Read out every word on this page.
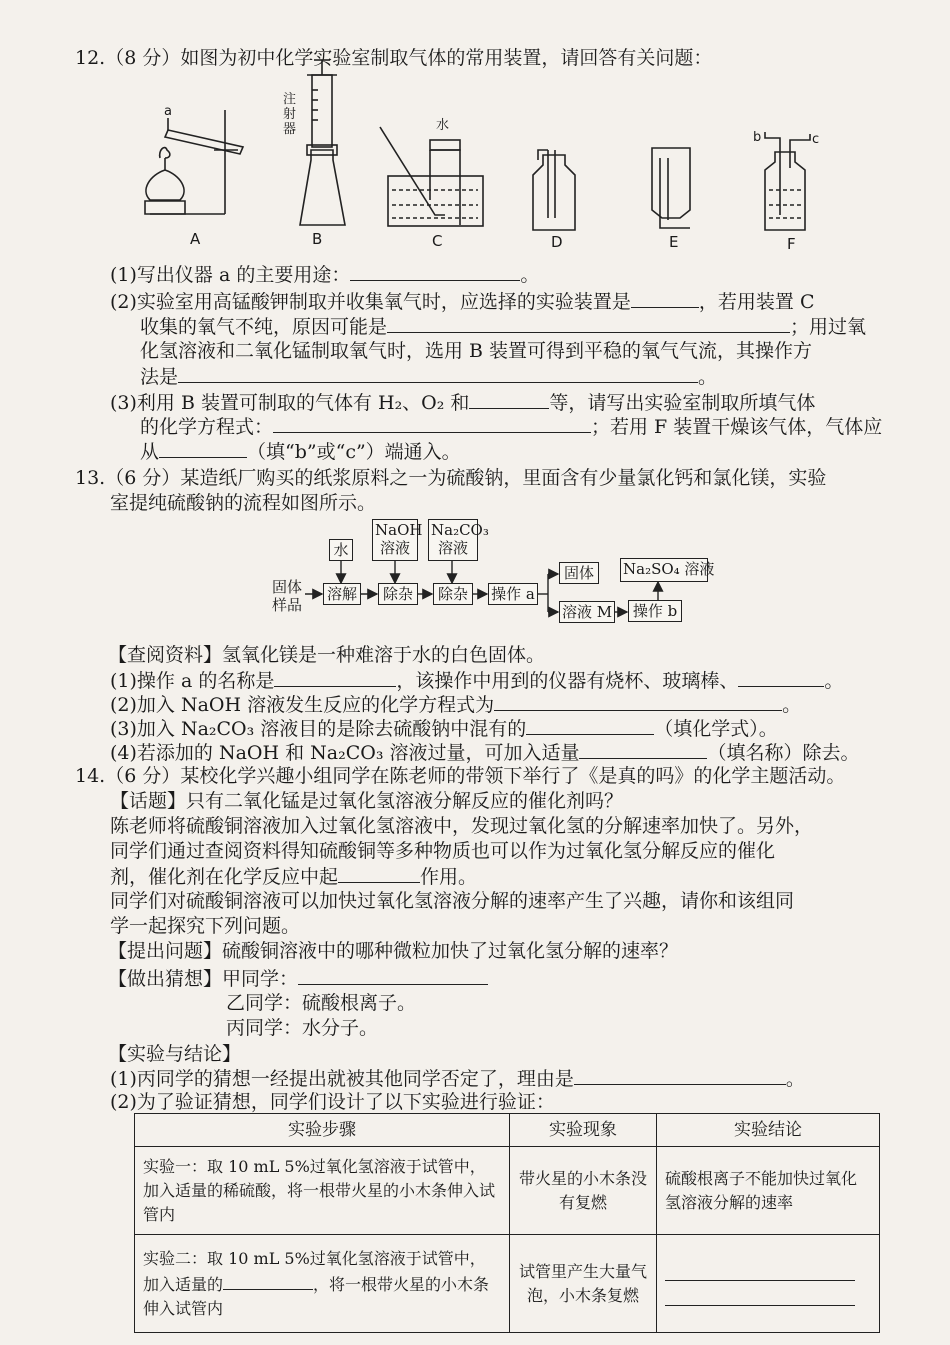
12.（8 分）如图为初中化学实验室制取气体的常用装置，请回答有关问题：
A	B	C	D	E	F
a
注射器	水
b	c
(1)写出仪器 a 的主要用途：	。
(2)实验室用高锰酸钾制取并收集氧气时，应选择的实验装置是	，若用装置 C
收集的氧气不纯，原因可能是	；用过氧
化氢溶液和二氧化锰制取氧气时，选用 B 装置可得到平稳的氧气气流，其操作方
法是	。
(3)利用 B 装置可制取的气体有 H₂、O₂ 和	等，请写出实验室制取所填气体
的化学方程式：	；若用 F 装置干燥该气体，气体应
从	（填“b”或“c”）端通入。
13.（6 分）某造纸厂购买的纸浆原料之一为硫酸钠，里面含有少量氯化钙和氯化镁，实验
室提纯硫酸钠的流程如图所示。
固体样品
水
NaOH溶液
Na₂CO₃溶液
溶解	除杂	除杂	操作 a
固体
溶液 M	操作 b
Na₂SO₄ 溶液
【查阅资料】氢氧化镁是一种难溶于水的白色固体。
(1)操作 a 的名称是	，该操作中用到的仪器有烧杯、玻璃棒、	。
(2)加入 NaOH 溶液发生反应的化学方程式为	。
(3)加入 Na₂CO₃ 溶液目的是除去硫酸钠中混有的	（填化学式）。
(4)若添加的 NaOH 和 Na₂CO₃ 溶液过量，可加入适量	（填名称）除去。
14.（6 分）某校化学兴趣小组同学在陈老师的带领下举行了《是真的吗》的化学主题活动。
【话题】只有二氧化锰是过氧化氢溶液分解反应的催化剂吗？
陈老师将硫酸铜溶液加入过氧化氢溶液中，发现过氧化氢的分解速率加快了。另外，
同学们通过查阅资料得知硫酸铜等多种物质也可以作为过氧化氢分解反应的催化
剂，催化剂在化学反应中起	作用。
同学们对硫酸铜溶液可以加快过氧化氢溶液分解的速率产生了兴趣，请你和该组同
学一起探究下列问题。
【提出问题】硫酸铜溶液中的哪种微粒加快了过氧化氢分解的速率？
【做出猜想】甲同学：
乙同学：硫酸根离子。
丙同学：水分子。
【实验与结论】
(1)丙同学的猜想一经提出就被其他同学否定了，理由是	。
(2)为了验证猜想，同学们设计了以下实验进行验证：
实验步骤	实验现象	实验结论
实验一：取 10 mL 5%过氧化氢溶液于试管中，加入适量的稀硫酸，将一根带火星的小木条伸入试管内	带火星的小木条没有复燃	硫酸根离子不能加快过氧化氢溶液分解的速率
实验二：取 10 mL 5%过氧化氢溶液于试管中，加入适量的 ，将一根带火星的小木条伸入试管内	试管里产生大量气泡，小木条复燃	
